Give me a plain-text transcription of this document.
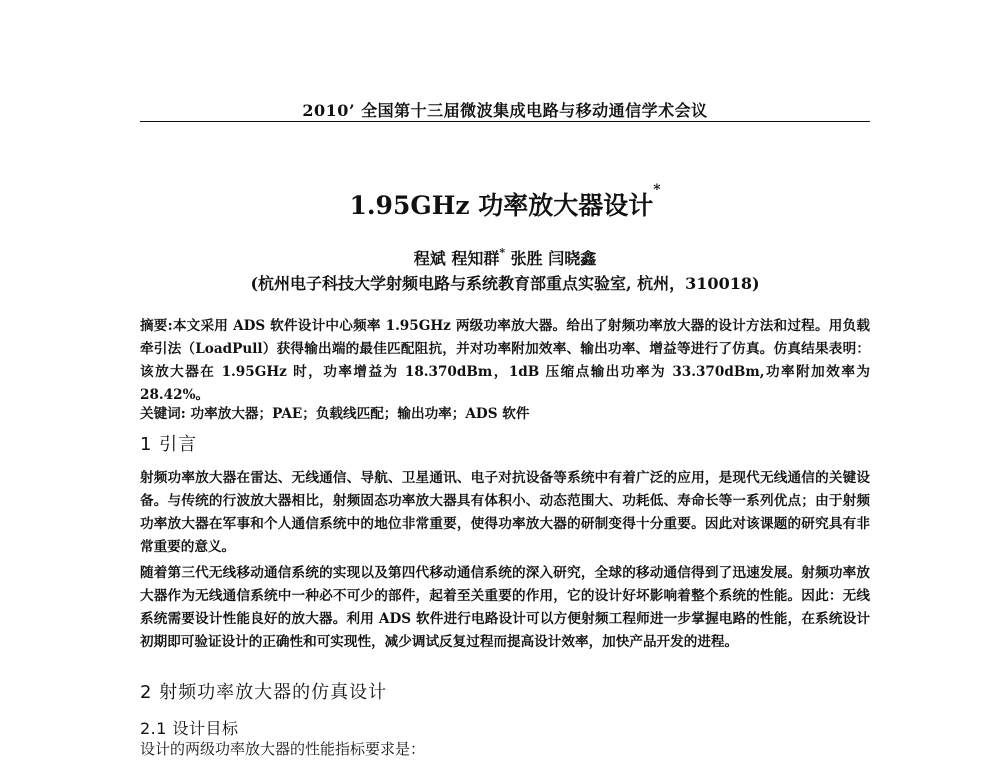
2010’ 全国第十三届微波集成电路与移动通信学术会议
1.95GHz 功率放大器设计*
程斌 程知群* 张胜 闫晓鑫
(杭州电子科技大学射频电路与系统教育部重点实验室, 杭州，310018)
摘要:本文采用 ADS 软件设计中心频率 1.95GHz 两级功率放大器。给出了射频功率放大器的设计方法和过程。用负载牵引法（LoadPull）获得输出端的最佳匹配阻抗，并对功率附加效率、输出功率、增益等进行了仿真。仿真结果表明：该放大器在 1.95GHz 时，功率增益为 18.370dBm，1dB 压缩点输出功率为 33.370dBm,功率附加效率为 28.42%。
关键词: 功率放大器；PAE；负载线匹配；输出功率；ADS 软件
1 引言
射频功率放大器在雷达、无线通信、导航、卫星通讯、电子对抗设备等系统中有着广泛的应用，是现代无线通信的关键设备。与传统的行波放大器相比，射频固态功率放大器具有体积小、动态范围大、功耗低、寿命长等一系列优点；由于射频功率放大器在军事和个人通信系统中的地位非常重要，使得功率放大器的研制变得十分重要。因此对该课题的研究具有非常重要的意义。
随着第三代无线移动通信系统的实现以及第四代移动通信系统的深入研究，全球的移动通信得到了迅速发展。射频功率放大器作为无线通信系统中一种必不可少的部件，起着至关重要的作用，它的设计好坏影响着整个系统的性能。因此：无线系统需要设计性能良好的放大器。利用 ADS 软件进行电路设计可以方便射频工程师进一步掌握电路的性能，在系统设计初期即可验证设计的正确性和可实现性，减少调试反复过程而提高设计效率，加快产品开发的进程。
2 射频功率放大器的仿真设计
2.1 设计目标
设计的两级功率放大器的性能指标要求是：
